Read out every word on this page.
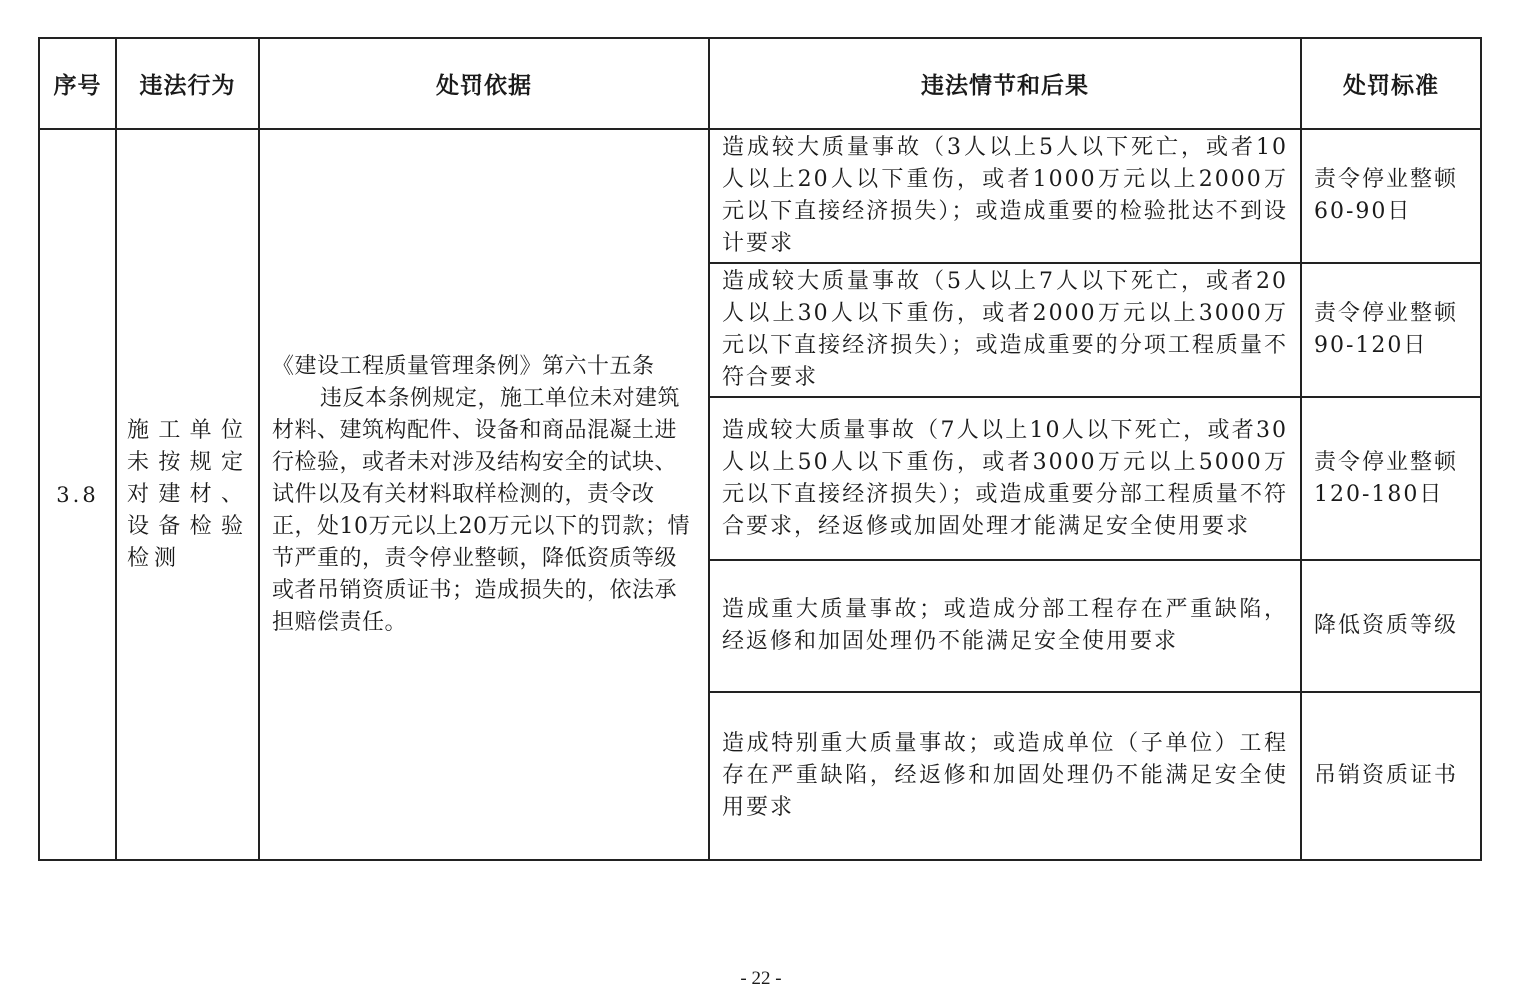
序号	违法行为	处罚依据	违法情节和后果	处罚标准
3.8	施工单位未按规定对建材、设备检验检测	《建设工程质量管理条例》第六十五条
违反本条例规定，施工单位未对建筑材料、建筑构配件、设备和商品混凝土进行检验，或者未对涉及结构安全的试块、试件以及有关材料取样检测的，责令改正，处10万元以上20万元以下的罚款；情节严重的，责令停业整顿，降低资质等级或者吊销资质证书；造成损失的，依法承担赔偿责任。	造成较大质量事故（3人以上5人以下死亡，或者10人以上20人以下重伤，或者1000万元以上2000万元以下直接经济损失）；或造成重要的检验批达不到设计要求	责令停业整顿60-90日
			造成较大质量事故（5人以上7人以下死亡，或者20人以上30人以下重伤，或者2000万元以上3000万元以下直接经济损失）；或造成重要的分项工程质量不符合要求	责令停业整顿90-120日
			造成较大质量事故（7人以上10人以下死亡，或者30人以上50人以下重伤，或者3000万元以上5000万元以下直接经济损失）；或造成重要分部工程质量不符合要求，经返修或加固处理才能满足安全使用要求	责令停业整顿120-180日
			造成重大质量事故；或造成分部工程存在严重缺陷，经返修和加固处理仍不能满足安全使用要求	降低资质等级
			造成特别重大质量事故；或造成单位（子单位）工程存在严重缺陷，经返修和加固处理仍不能满足安全使用要求	吊销资质证书
- 22 -
